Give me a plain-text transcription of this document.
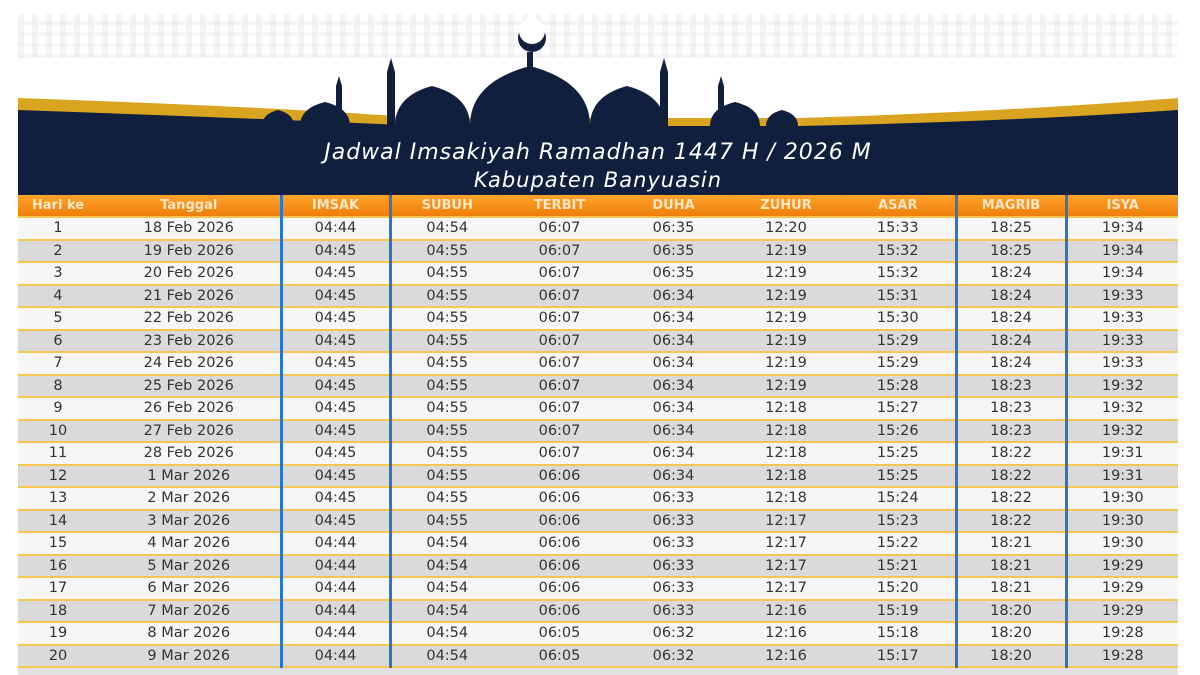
Jadwal Imsakiyah Ramadhan 1447 H / 2026 M
Kabupaten Banyuasin
Hari ke	Tanggal	IMSAK	SUBUH	TERBIT	DUHA	ZUHUR	ASAR	MAGRIB	ISYA
1	18 Feb 2026	04:44	04:54	06:07	06:35	12:20	15:33	18:25	19:34
2	19 Feb 2026	04:45	04:55	06:07	06:35	12:19	15:32	18:25	19:34
3	20 Feb 2026	04:45	04:55	06:07	06:35	12:19	15:32	18:24	19:34
4	21 Feb 2026	04:45	04:55	06:07	06:34	12:19	15:31	18:24	19:33
5	22 Feb 2026	04:45	04:55	06:07	06:34	12:19	15:30	18:24	19:33
6	23 Feb 2026	04:45	04:55	06:07	06:34	12:19	15:29	18:24	19:33
7	24 Feb 2026	04:45	04:55	06:07	06:34	12:19	15:29	18:24	19:33
8	25 Feb 2026	04:45	04:55	06:07	06:34	12:19	15:28	18:23	19:32
9	26 Feb 2026	04:45	04:55	06:07	06:34	12:18	15:27	18:23	19:32
10	27 Feb 2026	04:45	04:55	06:07	06:34	12:18	15:26	18:23	19:32
11	28 Feb 2026	04:45	04:55	06:07	06:34	12:18	15:25	18:22	19:31
12	1 Mar 2026	04:45	04:55	06:06	06:34	12:18	15:25	18:22	19:31
13	2 Mar 2026	04:45	04:55	06:06	06:33	12:18	15:24	18:22	19:30
14	3 Mar 2026	04:45	04:55	06:06	06:33	12:17	15:23	18:22	19:30
15	4 Mar 2026	04:44	04:54	06:06	06:33	12:17	15:22	18:21	19:30
16	5 Mar 2026	04:44	04:54	06:06	06:33	12:17	15:21	18:21	19:29
17	6 Mar 2026	04:44	04:54	06:06	06:33	12:17	15:20	18:21	19:29
18	7 Mar 2026	04:44	04:54	06:06	06:33	12:16	15:19	18:20	19:29
19	8 Mar 2026	04:44	04:54	06:05	06:32	12:16	15:18	18:20	19:28
20	9 Mar 2026	04:44	04:54	06:05	06:32	12:16	15:17	18:20	19:28
